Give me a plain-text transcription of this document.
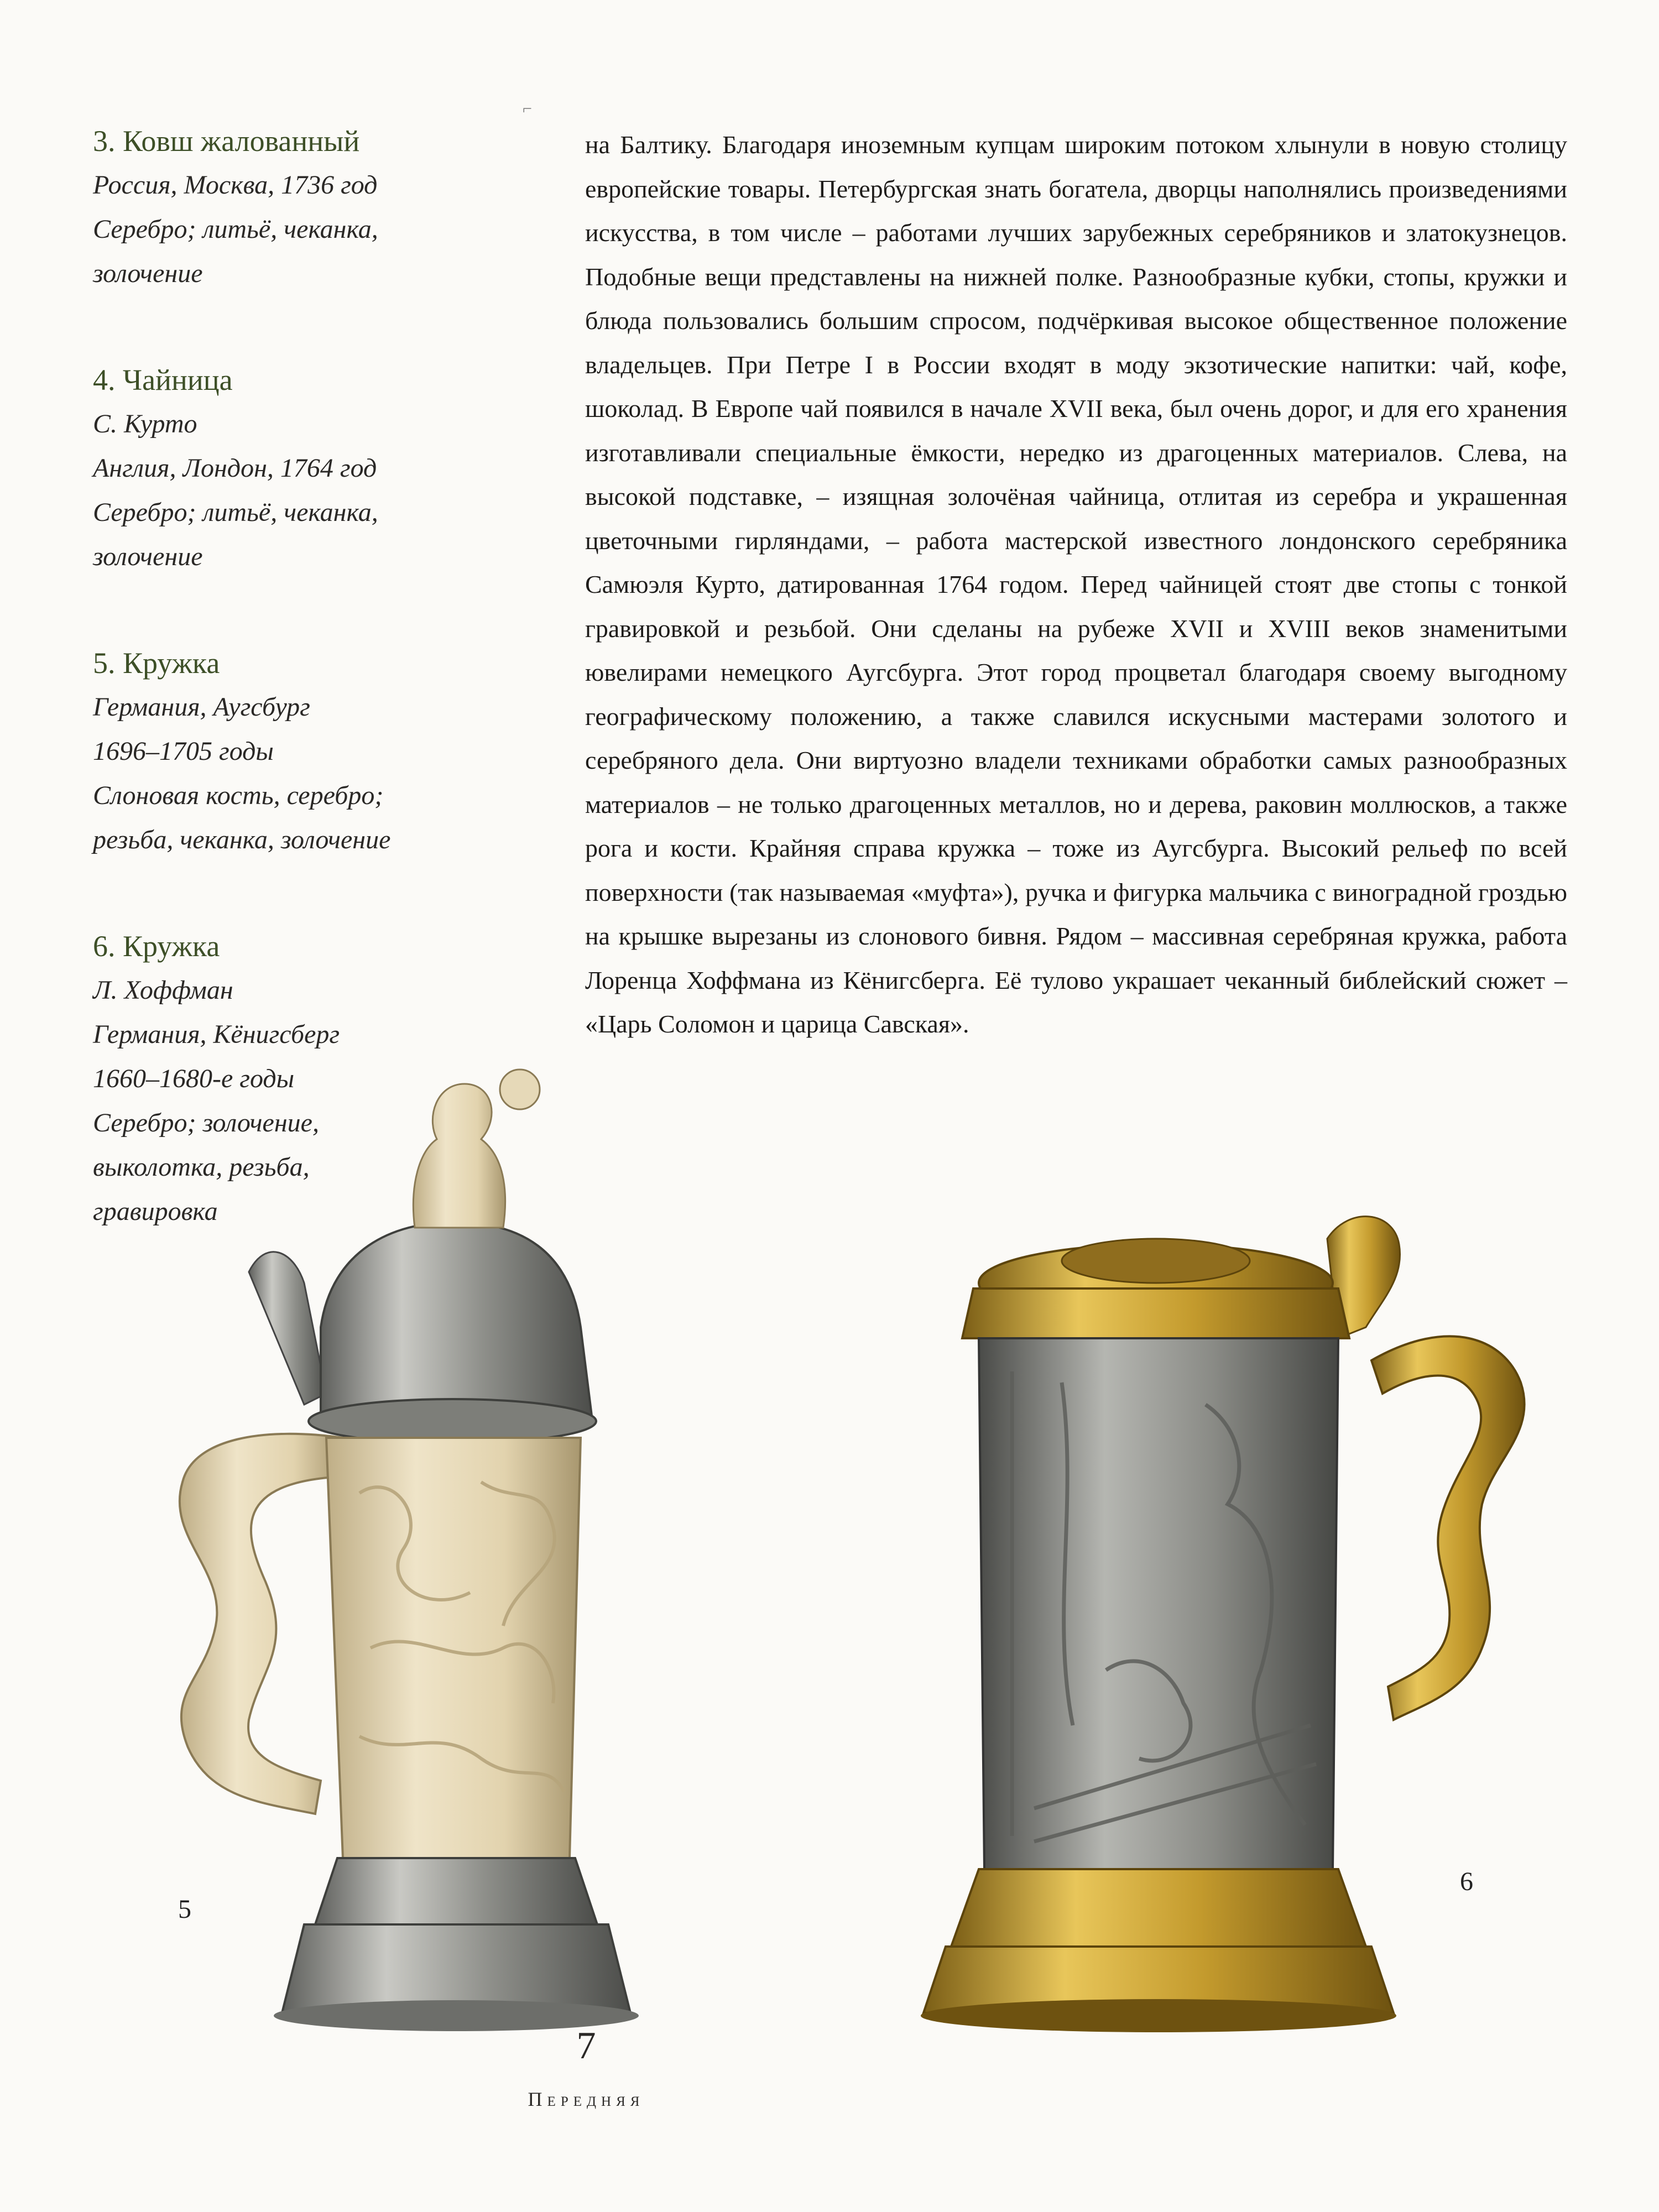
⌐

3. Ковш жалованный

Россия, Москва, 1736 год

Серебро; литьё, чеканка,

золочение

4. Чайница

С. Курто

Англия, Лондон, 1764 год

Серебро; литьё, чеканка,

золочение

5. Кружка

Германия, Аугсбург

1696–1705 годы

Слоновая кость, серебро;

резьба, чеканка, золочение

6. Кружка

Л. Хоффман

Германия, Кёнигсберг

1660–1680-е годы

Серебро; золочение,

выколотка, резьба,

гравировка

на Балтику. Благодаря иноземным купцам широким потоком хлынули в новую столицу европейские товары. Петербургская знать богатела, дворцы наполнялись произведениями искусства, в том числе – работами лучших зарубежных серебряников и златокузнецов. Подобные вещи представлены на нижней полке. Разнообразные кубки, стопы, кружки и блюда пользовались большим спросом, подчёркивая высокое общественное положение владельцев. При Петре I в России входят в моду экзотические напитки: чай, кофе, шоколад. В Европе чай появился в начале XVII века, был очень дорог, и для его хранения изготавливали специальные ёмкости, нередко из драгоценных материалов. Слева, на высокой подставке, – изящная золочёная чайница, отлитая из серебра и украшенная цветочными гирляндами, – работа мастерской известного лондонского серебряника Самюэля Курто, датированная 1764 годом. Перед чайницей стоят две стопы с тонкой гравировкой и резьбой. Они сделаны на рубеже XVII и XVIII веков знаменитыми ювелирами немецкого Аугсбурга. Этот город процветал благодаря своему выгодному географическому положению, а также славился искусными мастерами золотого и серебряного дела. Они виртуозно владели техниками обработки самых разнообразных материалов – не только драгоценных металлов, но и дерева, раковин моллюсков, а также рога и кости. Крайняя справа кружка – тоже из Аугсбурга. Высокий рельеф по всей поверхности (так называемая «муфта»), ручка и фигурка мальчика с виноградной гроздью на крышке вырезаны из слонового бивня. Рядом – массивная серебряная кружка, работа Лоренца Хоффмана из Кёнигсберга. Её тулово украшает чеканный библейский сюжет – «Царь Соломон и царица Савская».

5
6
7
Передняя
